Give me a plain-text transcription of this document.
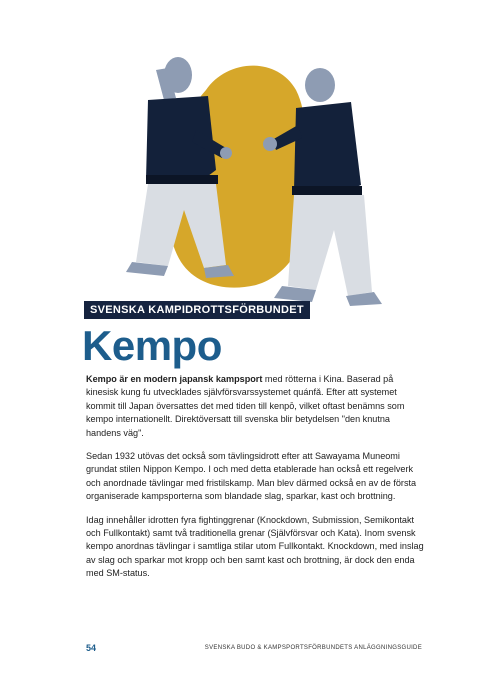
SVENSKA KAMPIDROTTSFÖRBUNDET
Kempo

Kempo är en modern japansk kampsport med rötterna i Kina. Baserad på kinesisk kung fu utvecklades självförsvarssystemet quánfǎ. Efter att systemet kommit till Japan översattes det med tiden till kenpō, vilket oftast benämns som kempo internationellt. Direktöversatt till svenska blir betydelsen "den knutna handens väg".

Sedan 1932 utövas det också som tävlingsidrott efter att Sawayama Muneomi grundat stilen Nippon Kempo. I och med detta etablerade han också ett regelverk och anordnade tävlingar med fristilskamp. Man blev därmed också en av de första organiserade kampsporterna som blandade slag, sparkar, kast och brottning.

Idag innehåller idrotten fyra fightinggrenar (Knockdown, Submission, Semikontakt och Fullkontakt) samt två traditionella grenar (Självförsvar och Kata). Inom svensk kempo anordnas tävlingar i samtliga stilar utom Fullkontakt. Knockdown, med inslag av slag och sparkar mot kropp och ben samt kast och brottning, är dock den enda med SM-status.

54	SVENSKA BUDO & KAMPSPORTSFÖRBUNDETS ANLÄGGNINGSGUIDE
